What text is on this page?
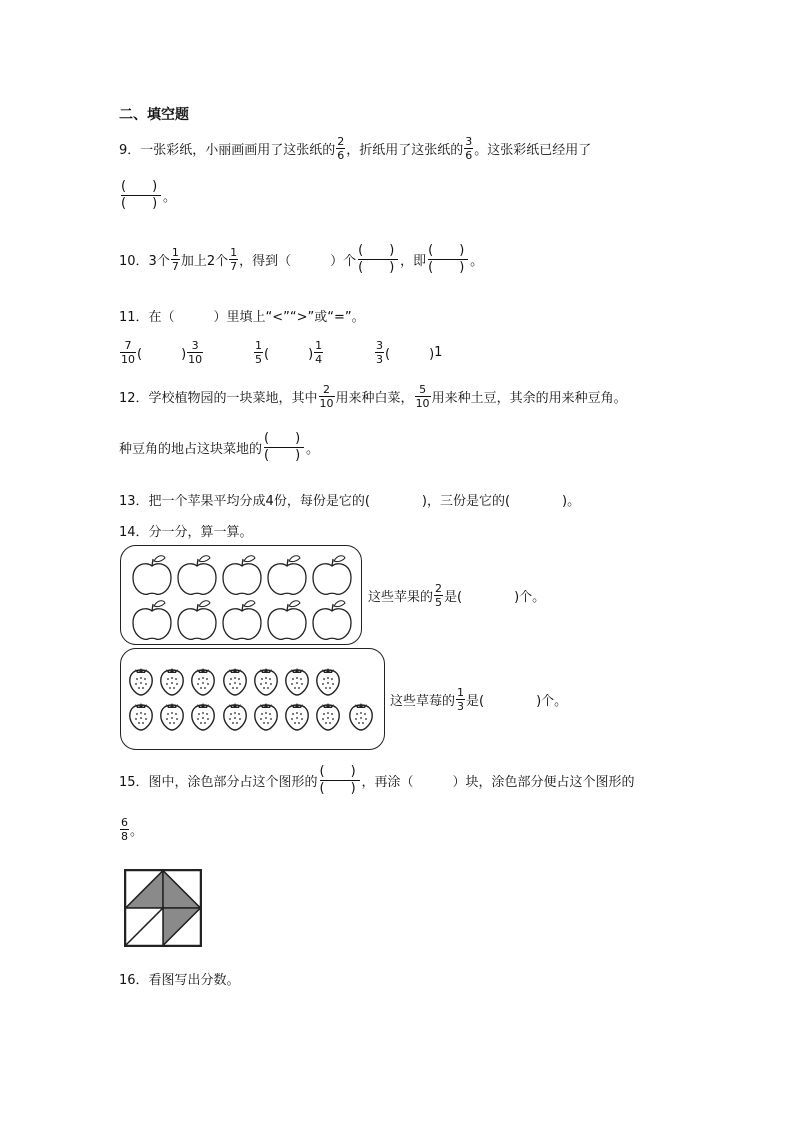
二、填空题
9．一张彩纸，小丽画画用了这张纸的 $\frac{2}{6}$ ，折纸用了这张纸的 $\frac{3}{6}$ 。这张彩纸已经用了
(　　)
(　　) 。
10．3个 $\frac{1}{7}$ 加上2个 $\frac{1}{7}$ ，得到（　　　）个
(　　)
(　　) ，即
(　　)
(　　) 。
11．在（　　　）里填上“<”“>”或“=”。
$\frac{7}{10}$ (　　　) $\frac{3}{10}$	$\frac{1}{5}$ (　　　) $\frac{1}{4}$	$\frac{3}{3}$ (　　　) 1
12．学校植物园的一块菜地，其中 $\frac{2}{10}$ 用来种白菜， $\frac{5}{10}$ 用来种土豆，其余的用来种豆角。
种豆角的地占这块菜地的
(　　)
(　　) 。
13．把一个苹果平均分成4份，每份是它的(　　　　)，三份是它的(　　　　)。
14．分一分，算一算。
这些苹果的 $\frac{2}{5}$ 是(　　　　)个。
这些草莓的 $\frac{1}{3}$ 是(　　　　)个。
15．图中，涂色部分占这个图形的
(　　)
(　　) ，再涂（　　　）块，涂色部分便占这个图形的
$\frac{6}{8}$ 。
16．看图写出分数。
